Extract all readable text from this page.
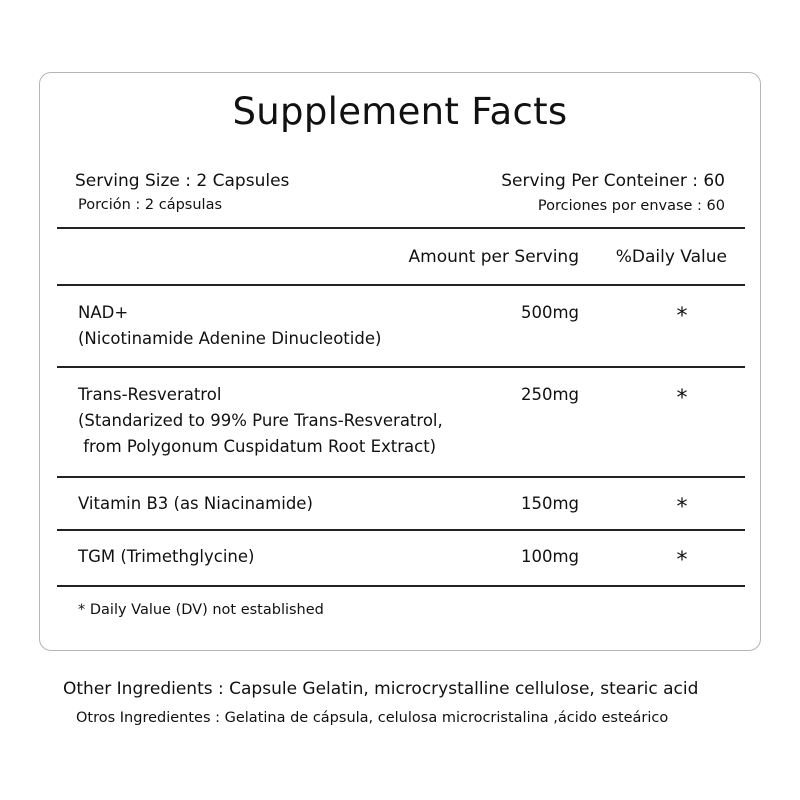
Supplement Facts
Serving Size : 2 Capsules
Porción : 2 cápsulas
Serving Per Conteiner : 60
Porciones por envase : 60
Amount per Serving %Daily Value
NAD+
(Nicotinamide Adenine Dinucleotide)
500mg	*
Trans-Resveratrol
(Standarized to 99% Pure Trans-Resveratrol,
from Polygonum Cuspidatum Root Extract)
250mg	*
Vitamin B3 (as Niacinamide)	150mg	*
TGM (Trimethglycine)	100mg	*
* Daily Value (DV) not established
Other Ingredients : Capsule Gelatin, microcrystalline cellulose, stearic acid
Otros Ingredientes : Gelatina de cápsula, celulosa microcristalina ,ácido esteárico
